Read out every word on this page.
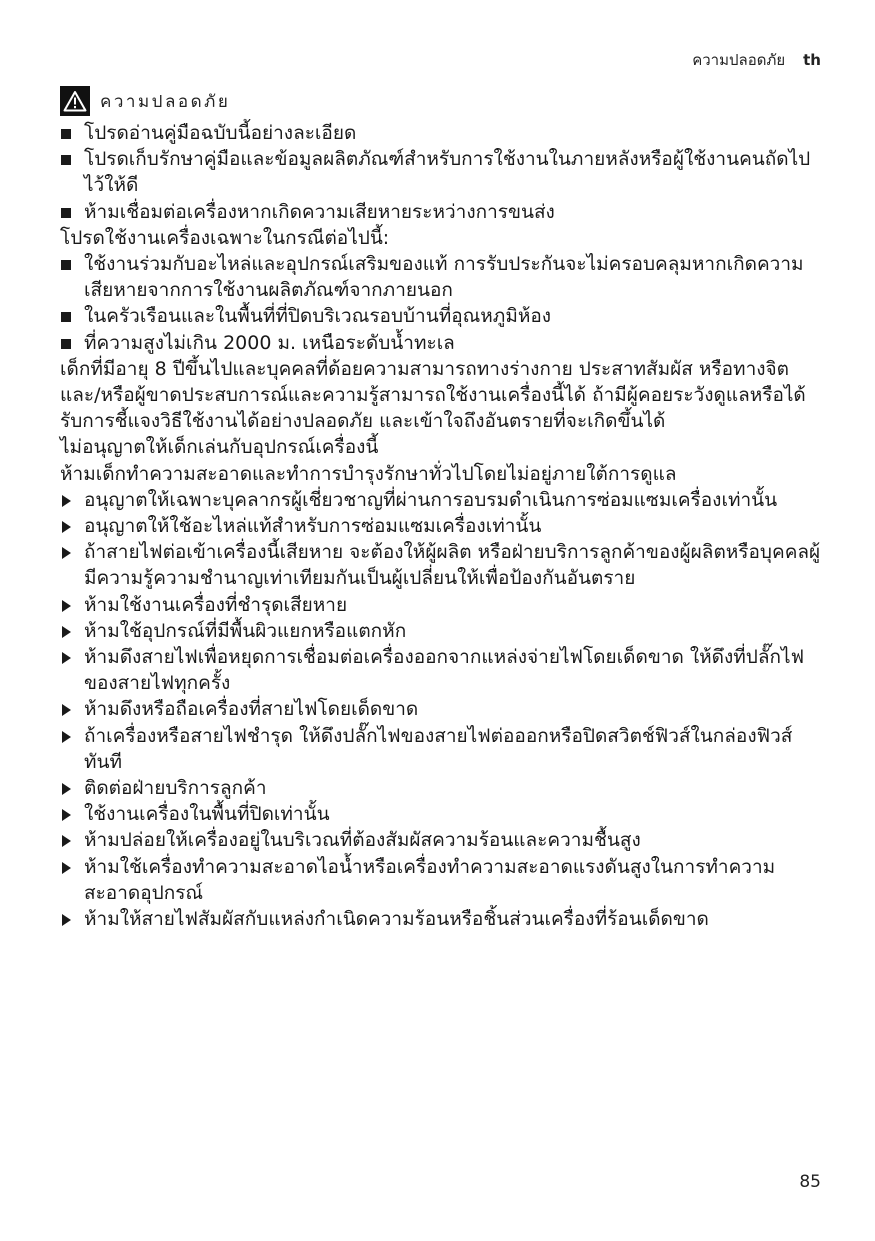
ความปลอดภัย th
ความปลอดภัย
โปรดอ่านคู่มือฉบับนี้อย่างละเอียด
โปรดเก็บรักษาคู่มือและข้อมูลผลิตภัณฑ์สำหรับการใช้งานในภายหลังหรือผู้ใช้งานคนถัดไปไว้ให้ดี
ห้ามเชื่อมต่อเครื่องหากเกิดความเสียหายระหว่างการขนส่ง
โปรดใช้งานเครื่องเฉพาะในกรณีต่อไปนี้:
ใช้งานร่วมกับอะไหล่และอุปกรณ์เสริมของแท้ การรับประกันจะไม่ครอบคลุมหากเกิดความเสียหายจากการใช้งานผลิตภัณฑ์จากภายนอก
ในครัวเรือนและในพื้นที่ที่ปิดบริเวณรอบบ้านที่อุณหภูมิห้อง
ที่ความสูงไม่เกิน 2000 ม. เหนือระดับน้ำทะเล
เด็กที่มีอายุ 8 ปีขึ้นไปและบุคคลที่ด้อยความสามารถทางร่างกาย ประสาทสัมผัส หรือทางจิต และ/หรือผู้ขาดประสบการณ์และความรู้สามารถใช้งานเครื่องนี้ได้ ถ้ามีผู้คอยระวังดูแลหรือได้รับการชี้แจงวิธีใช้งานได้อย่างปลอดภัย และเข้าใจถึงอันตรายที่จะเกิดขึ้นได้
ไม่อนุญาตให้เด็กเล่นกับอุปกรณ์เครื่องนี้
ห้ามเด็กทำความสะอาดและทำการบำรุงรักษาทั่วไปโดยไม่อยู่ภายใต้การดูแล
อนุญาตให้เฉพาะบุคลากรผู้เชี่ยวชาญที่ผ่านการอบรมดำเนินการซ่อมแซมเครื่องเท่านั้น
อนุญาตให้ใช้อะไหล่แท้สำหรับการซ่อมแซมเครื่องเท่านั้น
ถ้าสายไฟต่อเข้าเครื่องนี้เสียหาย จะต้องให้ผู้ผลิต หรือฝ่ายบริการลูกค้าของผู้ผลิตหรือบุคคลผู้มีความรู้ความชำนาญเท่าเทียมกันเป็นผู้เปลี่ยนให้เพื่อป้องกันอันตราย
ห้ามใช้งานเครื่องที่ชำรุดเสียหาย
ห้ามใช้อุปกรณ์ที่มีพื้นผิวแยกหรือแตกหัก
ห้ามดึงสายไฟเพื่อหยุดการเชื่อมต่อเครื่องออกจากแหล่งจ่ายไฟโดยเด็ดขาด ให้ดึงที่ปลั๊กไฟของสายไฟทุกครั้ง
ห้ามดึงหรือถือเครื่องที่สายไฟโดยเด็ดขาด
ถ้าเครื่องหรือสายไฟชำรุด ให้ดึงปลั๊กไฟของสายไฟต่อออกหรือปิดสวิตช์ฟิวส์ในกล่องฟิวส์ทันที
ติดต่อฝ่ายบริการลูกค้า
ใช้งานเครื่องในพื้นที่ปิดเท่านั้น
ห้ามปล่อยให้เครื่องอยู่ในบริเวณที่ต้องสัมผัสความร้อนและความชื้นสูง
ห้ามใช้เครื่องทำความสะอาดไอน้ำหรือเครื่องทำความสะอาดแรงดันสูงในการทำความสะอาดอุปกรณ์
ห้ามให้สายไฟสัมผัสกับแหล่งกำเนิดความร้อนหรือชิ้นส่วนเครื่องที่ร้อนเด็ดขาด
85
